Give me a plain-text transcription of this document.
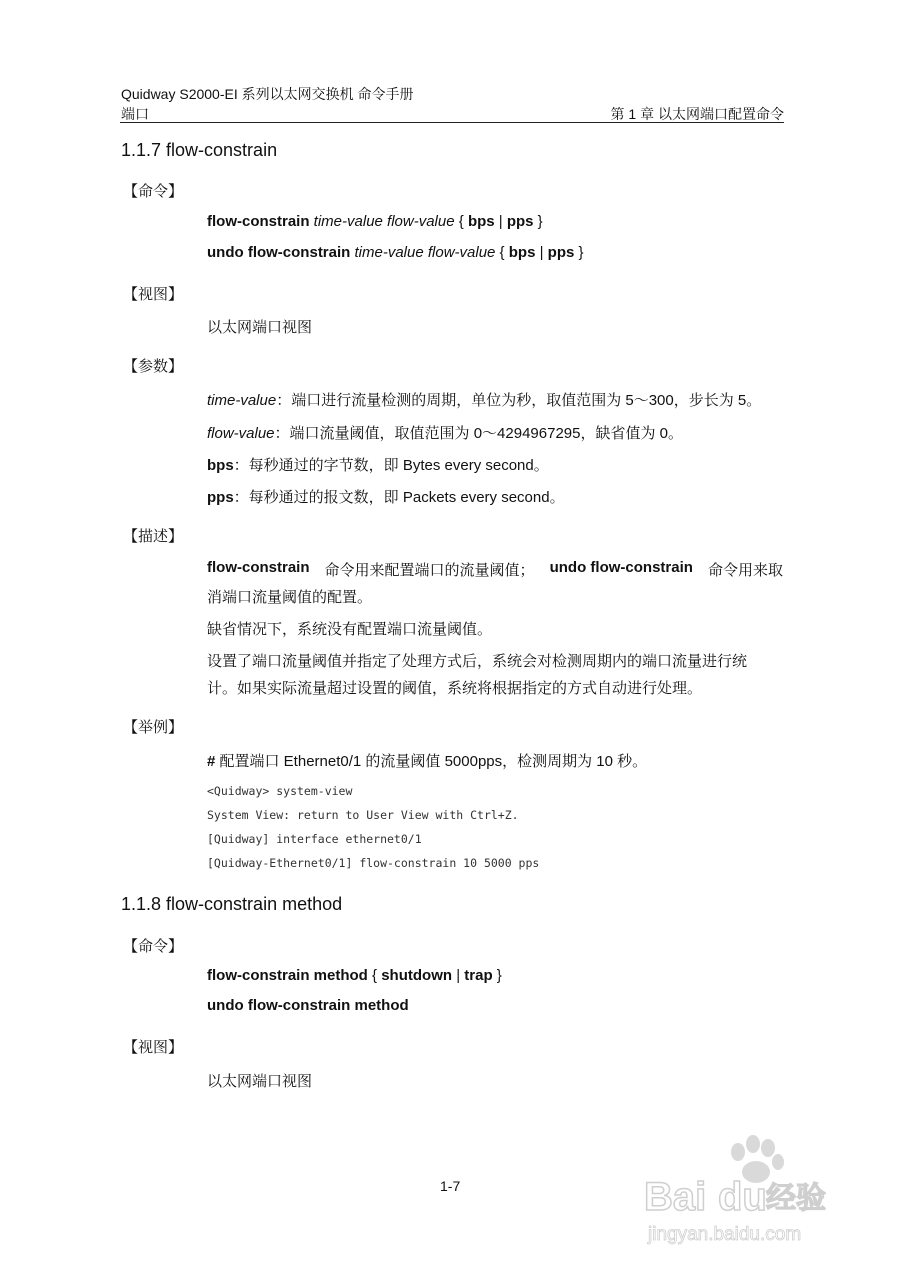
Quidway S2000-EI 系列以太网交换机 命令手册
端口	第 1 章 以太网端口配置命令
1.1.7 flow-constrain
【命令】
flow-constrain time-value flow-value { bps | pps }
undo flow-constrain time-value flow-value { bps | pps }
【视图】
以太网端口视图
【参数】
time-value：端口进行流量检测的周期，单位为秒，取值范围为 5～300，步长为 5。
flow-value：端口流量阈值，取值范围为 0～4294967295，缺省值为 0。
bps：每秒通过的字节数，即 Bytes every second。
pps：每秒通过的报文数，即 Packets every second。
【描述】
flow-constrain 命令用来配置端口的流量阈值； undo flow-constrain 命令用来取
消端口流量阈值的配置。
缺省情况下，系统没有配置端口流量阈值。
设置了端口流量阈值并指定了处理方式后，系统会对检测周期内的端口流量进行统
计。如果实际流量超过设置的阈值，系统将根据指定的方式自动进行处理。
【举例】
# 配置端口 Ethernet0/1 的流量阈值 5000pps，检测周期为 10 秒。
<Quidway> system-view
System View: return to User View with Ctrl+Z.
[Quidway] interface ethernet0/1
[Quidway-Ethernet0/1] flow-constrain 10 5000 pps
1.1.8 flow-constrain method
【命令】
flow-constrain method { shutdown | trap }
undo flow-constrain method
【视图】
以太网端口视图
1-7	Bai du 经验
jingyan.baidu.com
